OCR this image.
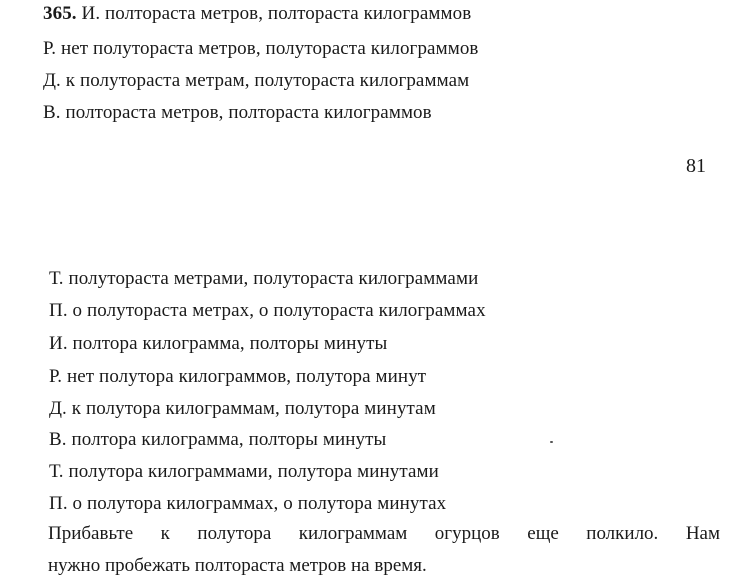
365. И. полтораста метров, полтораста килограммов
Р. нет полутораста метров, полутораста килограммов
Д. к полутораста метрам, полутораста килограммам
В. полтораста метров, полтораста килограммов
81
Т. полутораста метрами, полутораста килограммами
П. о полутораста метрах, о полутораста килограммах
И. полтора килограмма, полторы минуты
Р. нет полутора килограммов, полутора минут
Д. к полутора килограммам, полутора минутам
В. полтора килограмма, полторы минуты
Т. полутора килограммами, полутора минутами
П. о полутора килограммах, о полутора минутах
Прибавьте к полутора килограммам огурцов еще полкило. Нам
нужно пробежать полтораста метров на время.
